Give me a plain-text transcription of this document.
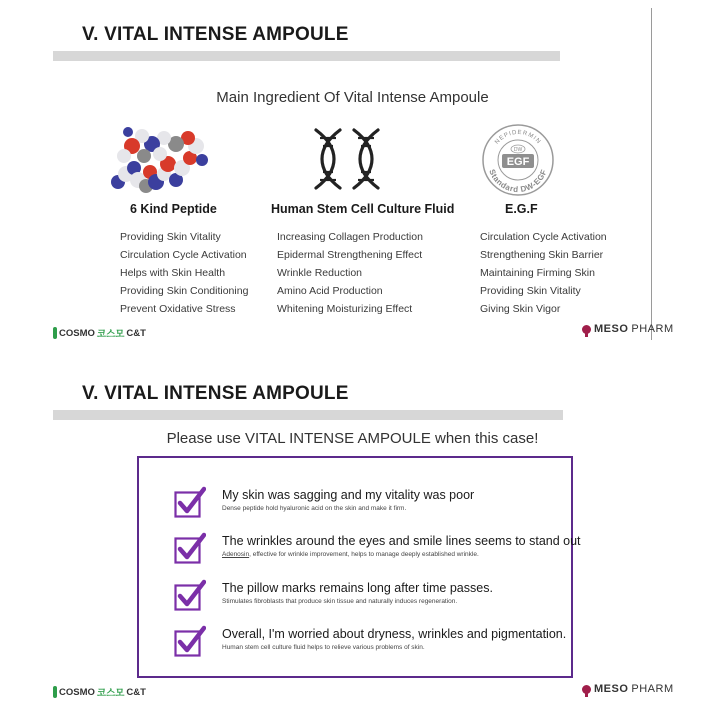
V. VITAL INTENSE AMPOULE
Main Ingredient Of Vital Intense Ampoule
6 Kind Peptide
Providing Skin Vitality
Circulation Cycle Activation
Helps with Skin Health
Providing Skin Conditioning
Prevent Oxidative Stress
Human Stem Cell Culture Fluid
Increasing Collagen Production
Epidermal Strengthening Effect
Wrinkle Reduction
Amino Acid Production
Whitening Moisturizing Effect
NEPIDERMIN
Standard DW-EGF
DW
EGF
E.G.F
Circulation Cycle Activation
Strengthening Skin Barrier
Maintaining Firming Skin
Providing Skin Vitality
Giving Skin Vigor
COSMO 코스모 C&T	MESO PHARM
V. VITAL INTENSE AMPOULE
Please use VITAL INTENSE AMPOULE when this case!
My skin was sagging and my vitality was poor
Dense peptide hold hyaluronic acid on the skin and make it firm.
The wrinkles around the eyes and smile lines seems to stand out
Adenosin, effective for wrinkle improvement, helps to manage deeply established wrinkle.
The pillow marks remains long after time passes.
Stimulates fibroblasts that produce skin tissue and naturally induces regeneration.
Overall, I'm worried about dryness, wrinkles and pigmentation.
Human stem cell culture fluid helps to relieve various problems of skin.
COSMO 코스모 C&T	MESO PHARM
